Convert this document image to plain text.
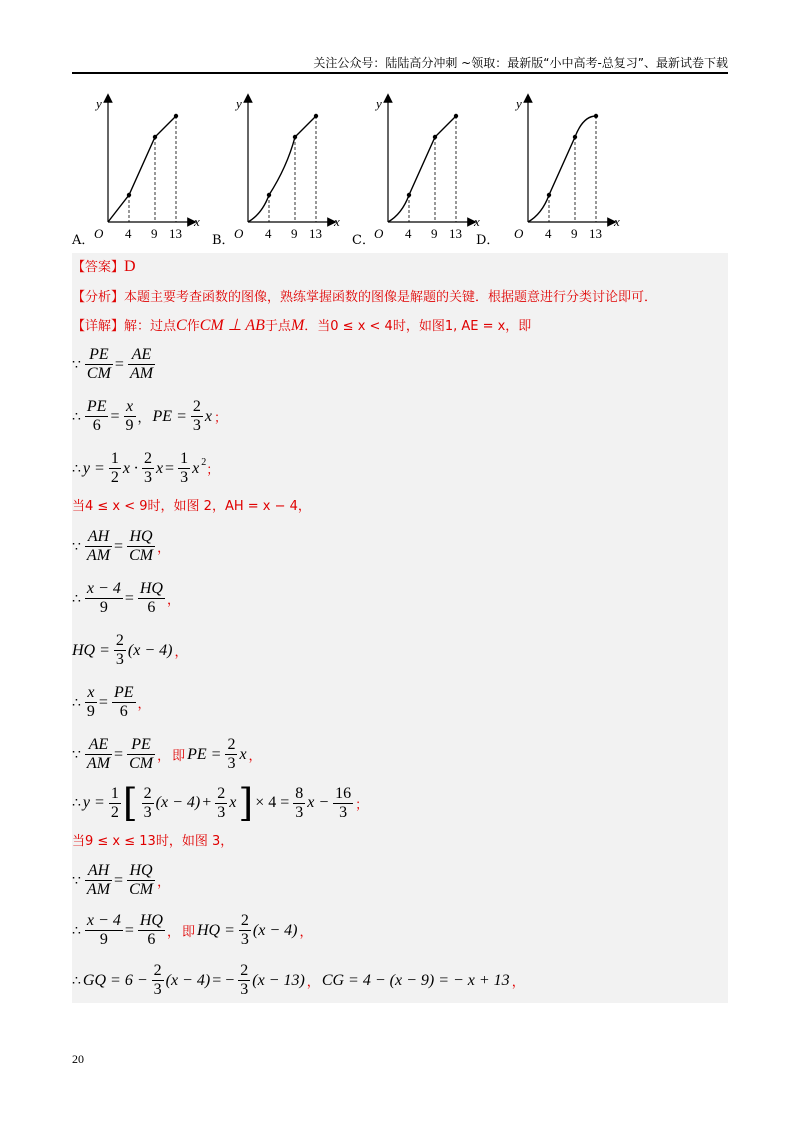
关注公众号：陆陆高分冲刺 ~领取：最新版“小中高考-总复习”、最新试卷下载
y
x
O 4 9 13
y
x
O 4 9 13
y
x
O 4 9 13
y
x
O 4 9 13
A．	B．	C．	D．
【答案】D
【分析】本题主要考查函数的图像，熟练掌握函数的图像是解题的关键．根据题意进行分类讨论即可．
【详解】解：过点C作CM ⊥ AB于点M．当0 ≤ x < 4时，如图1, AE = x，即
∵ $\frac{PE}{CM} = \frac{AE}{AM}$
∴ $\frac{PE}{6} = \frac{x}{9}$ ， PE = $\frac{2}{3}$ x ；
∴ $y = \frac{1}{2}$ $x \cdot \frac{2}{3}$ $x = \frac{1}{3} x^2$
；
当4 ≤ x < 9时，如图 2，AH = x − 4，
∵ $\frac{AH}{AM} = \frac{HQ}{CM}$ ，
∴ $\frac{x - 4}{9} = \frac{HQ}{6}$ ，
HQ = $\frac{2}{3} (x - 4)$ ，
∴ $\frac{x}{9} = \frac{PE}{6}$ ，
∵ $\frac{AE}{AM} = \frac{PE}{CM}$ ， 即 PE = $\frac{2}{3}$ x ，
∴ $y = \frac{1}{2}$ [ $\frac{2}{3} (x - 4) + \frac{2}{3}$ x ] × $4 = \frac{8}{3}$ $x - \frac{16}{3}$ ；
当9 ≤ x ≤ 13时，如图 3，
∵ $\frac{AH}{AM} = \frac{HQ}{CM}$ ，
∴ $\frac{x - 4}{9} = \frac{HQ}{6}$ ， 即 HQ = $\frac{2}{3} (x - 4)$ ，
∴ GQ = $6 - \frac{2}{3} (x - 4)$ = − $\frac{2}{3} (x - 13)$ ， CG = 4 − (x − 9) = − x + 13 ，
20
